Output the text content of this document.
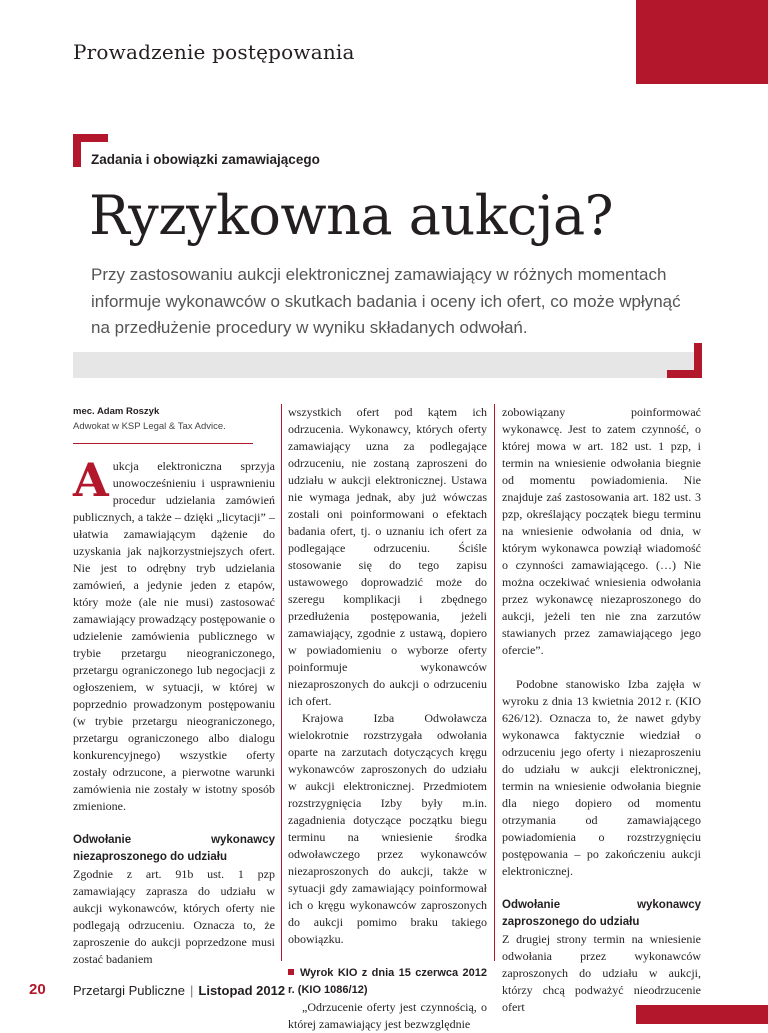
Prowadzenie postępowania
Zadania i obowiązki zamawiającego
Ryzykowna aukcja?
Przy zastosowaniu aukcji elektronicznej zamawiający w różnych momentach informuje wykonawców o skutkach badania i oceny ich ofert, co może wpłynąć na przedłużenie procedury w wyniku składanych odwołań.

mec. Adam Roszyk

Adwokat w KSP Legal & Tax Advice.

Aukcja elektroniczna sprzyja unowocześnieniu i usprawnieniu procedur udzielania zamówień publicznych, a także – dzięki „licytacji” – ułatwia zamawiającym dążenie do uzyskania jak najkorzystniejszych ofert. Nie jest to odrębny tryb udzielania zamówień, a jedynie jeden z etapów, który może (ale nie musi) zastosować zamawiający prowadzący postępowanie o udzielenie zamówienia publicznego w trybie przetargu nieograniczonego, przetargu ograniczonego lub negocjacji z ogłoszeniem, w sytuacji, w której w poprzednio prowadzonym postępowaniu (w trybie przetargu nieograniczonego, przetargu ograniczonego albo dialogu konkurencyjnego) wszystkie oferty zostały odrzucone, a pierwotne warunki zamówienia nie zostały w istotny sposób zmienione.

Odwołanie wykonawcy niezaproszonego do udziału

Zgodnie z art. 91b ust. 1 pzp zamawiający zaprasza do udziału w aukcji wykonawców, których oferty nie podlegają odrzuceniu. Oznacza to, że zaproszenie do aukcji poprzedzone musi zostać badaniem

wszystkich ofert pod kątem ich odrzucenia. Wykonawcy, których oferty zamawiający uzna za podlegające odrzuceniu, nie zostaną zaproszeni do udziału w aukcji elektronicznej. Ustawa nie wymaga jednak, aby już wówczas zostali oni poinformowani o efektach badania ofert, tj. o uznaniu ich ofert za podlegające odrzuceniu. Ściśle stosowanie się do tego zapisu ustawowego doprowadzić może do szeregu komplikacji i zbędnego przedłużenia postępowania, jeżeli zamawiający, zgodnie z ustawą, dopiero w powiadomieniu o wyborze oferty poinformuje wykonawców niezaproszonych do aukcji o odrzuceniu ich ofert.

Krajowa Izba Odwoławcza wielokrotnie rozstrzygała odwołania oparte na zarzutach dotyczących kręgu wykonawców zaproszonych do udziału w aukcji elektronicznej. Przedmiotem rozstrzygnięcia Izby były m.in. zagadnienia dotyczące początku biegu terminu na wniesienie środka odwoławczego przez wykonawców niezaproszonych do aukcji, także w sytuacji gdy zamawiający poinformował ich o kręgu wykonawców zaproszonych do aukcji pomimo braku takiego obowiązku.

Wyrok KIO z dnia 15 czerwca 2012 r. (KIO 1086/12)

„Odrzucenie oferty jest czynnością, o której zamawiający jest bezwzględnie

zobowiązany poinformować wykonawcę. Jest to zatem czynność, o której mowa w art. 182 ust. 1 pzp, i termin na wniesienie odwołania biegnie od momentu powiadomienia. Nie znajduje zaś zastosowania art. 182 ust. 3 pzp, określający początek biegu terminu na wniesienie odwołania od dnia, w którym wykonawca powziął wiadomość o czynności zamawiającego. (…) Nie można oczekiwać wniesienia odwołania przez wykonawcę niezaproszonego do aukcji, jeżeli ten nie zna zarzutów stawianych przez zamawiającego jego ofercie”.

Podobne stanowisko Izba zajęła w wyroku z dnia 13 kwietnia 2012 r. (KIO 626/12). Oznacza to, że nawet gdyby wykonawca faktycznie wiedział o odrzuceniu jego oferty i niezaproszeniu do udziału w aukcji elektronicznej, termin na wniesienie odwołania biegnie dla niego dopiero od momentu otrzymania od zamawiającego powiadomienia o rozstrzygnięciu postępowania – po zakończeniu aukcji elektronicznej.

Odwołanie wykonawcy zaproszonego do udziału

Z drugiej strony termin na wniesienie odwołania przez wykonawców zaproszonych do udziału w aukcji, którzy chcą podważyć nieodrzucenie ofert

20 Przetargi Publiczne | Listopad 2012
